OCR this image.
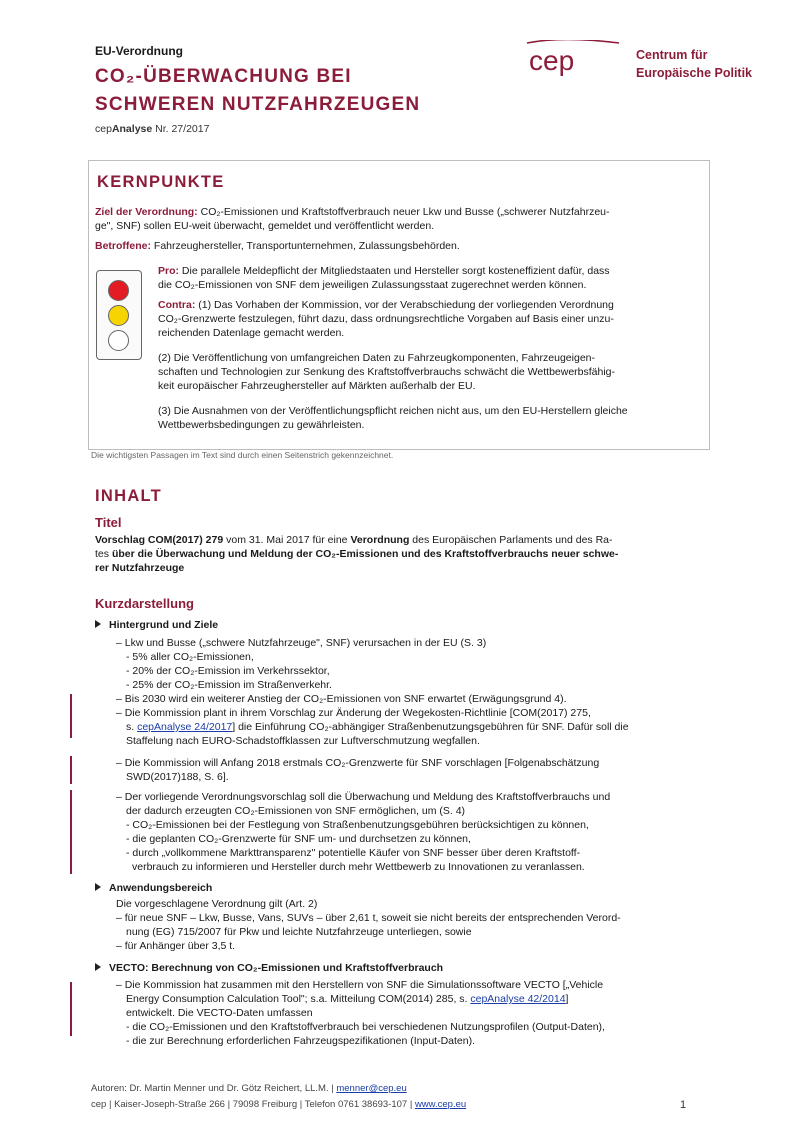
EU-Verordnung
CO₂-ÜBERWACHUNG BEI
SCHWEREN NUTZFAHRZEUGEN
cepAnalyse Nr. 27/2017
cep	Centrum für
Europäische Politik
KERNPUNKTE
Ziel der Verordnung: CO₂-Emissionen und Kraftstoffverbrauch neuer Lkw und Busse („schwerer Nutzfahrzeu-
ge", SNF) sollen EU-weit überwacht, gemeldet und veröffentlicht werden.
Betroffene: Fahrzeughersteller, Transportunternehmen, Zulassungsbehörden.
Pro: Die parallele Meldepflicht der Mitgliedstaaten und Hersteller sorgt kosteneffizient dafür, dass
die CO₂-Emissionen von SNF dem jeweiligen Zulassungsstaat zugerechnet werden können.
Contra: (1) Das Vorhaben der Kommission, vor der Verabschiedung der vorliegenden Verordnung
CO₂-Grenzwerte festzulegen, führt dazu, dass ordnungsrechtliche Vorgaben auf Basis einer unzu-
reichenden Datenlage gemacht werden.
(2) Die Veröffentlichung von umfangreichen Daten zu Fahrzeugkomponenten, Fahrzeugeigen-
schaften und Technologien zur Senkung des Kraftstoffverbrauchs schwächt die Wettbewerbsfähig-
keit europäischer Fahrzeughersteller auf Märkten außerhalb der EU.
(3) Die Ausnahmen von der Veröffentlichungspflicht reichen nicht aus, um den EU-Herstellern gleiche
Wettbewerbsbedingungen zu gewährleisten.
Die wichtigsten Passagen im Text sind durch einen Seitenstrich gekennzeichnet.
INHALT
Titel
Vorschlag COM(2017) 279 vom 31. Mai 2017 für eine Verordnung des Europäischen Parlaments und des Ra-
tes über die Überwachung und Meldung der CO₂-Emissionen und des Kraftstoffverbrauchs neuer schwe-
rer Nutzfahrzeuge
Kurzdarstellung
Hintergrund und Ziele
– Lkw und Busse („schwere Nutzfahrzeuge", SNF) verursachen in der EU (S. 3)
- 5% aller CO₂-Emissionen,
- 20% der CO₂-Emission im Verkehrssektor,
- 25% der CO₂-Emission im Straßenverkehr.
– Bis 2030 wird ein weiterer Anstieg der CO₂-Emissionen von SNF erwartet (Erwägungsgrund 4).
– Die Kommission plant in ihrem Vorschlag zur Änderung der Wegekosten-Richtlinie [COM(2017) 275,
s. cepAnalyse 24/2017] die Einführung CO₂-abhängiger Straßenbenutzungsgebühren für SNF. Dafür soll die
Staffelung nach EURO-Schadstoffklassen zur Luftverschmutzung wegfallen.
– Die Kommission will Anfang 2018 erstmals CO₂-Grenzwerte für SNF vorschlagen [Folgenabschätzung
SWD(2017)188, S. 6].
– Der vorliegende Verordnungsvorschlag soll die Überwachung und Meldung des Kraftstoffverbrauchs und
der dadurch erzeugten CO₂-Emissionen von SNF ermöglichen, um (S. 4)
- CO₂-Emissionen bei der Festlegung von Straßenbenutzungsgebühren berücksichtigen zu können,
- die geplanten CO₂-Grenzwerte für SNF um- und durchsetzen zu können,
- durch „vollkommene Markttransparenz" potentielle Käufer von SNF besser über deren Kraftstoff-
verbrauch zu informieren und Hersteller durch mehr Wettbewerb zu Innovationen zu veranlassen.
Anwendungsbereich
Die vorgeschlagene Verordnung gilt (Art. 2)
– für neue SNF – Lkw, Busse, Vans, SUVs – über 2,61 t, soweit sie nicht bereits der entsprechenden Verord-
nung (EG) 715/2007 für Pkw und leichte Nutzfahrzeuge unterliegen, sowie
– für Anhänger über 3,5 t.
VECTO: Berechnung von CO₂-Emissionen und Kraftstoffverbrauch
– Die Kommission hat zusammen mit den Herstellern von SNF die Simulationssoftware VECTO [„Vehicle
Energy Consumption Calculation Tool"; s.a. Mitteilung COM(2014) 285, s. cepAnalyse 42/2014]
entwickelt. Die VECTO-Daten umfassen
- die CO₂-Emissionen und den Kraftstoffverbrauch bei verschiedenen Nutzungsprofilen (Output-Daten),
- die zur Berechnung erforderlichen Fahrzeugspezifikationen (Input-Daten).
Autoren: Dr. Martin Menner und Dr. Götz Reichert, LL.M. | menner@cep.eu
cep | Kaiser-Joseph-Straße 266 | 79098 Freiburg | Telefon 0761 38693-107 | www.cep.eu	1
